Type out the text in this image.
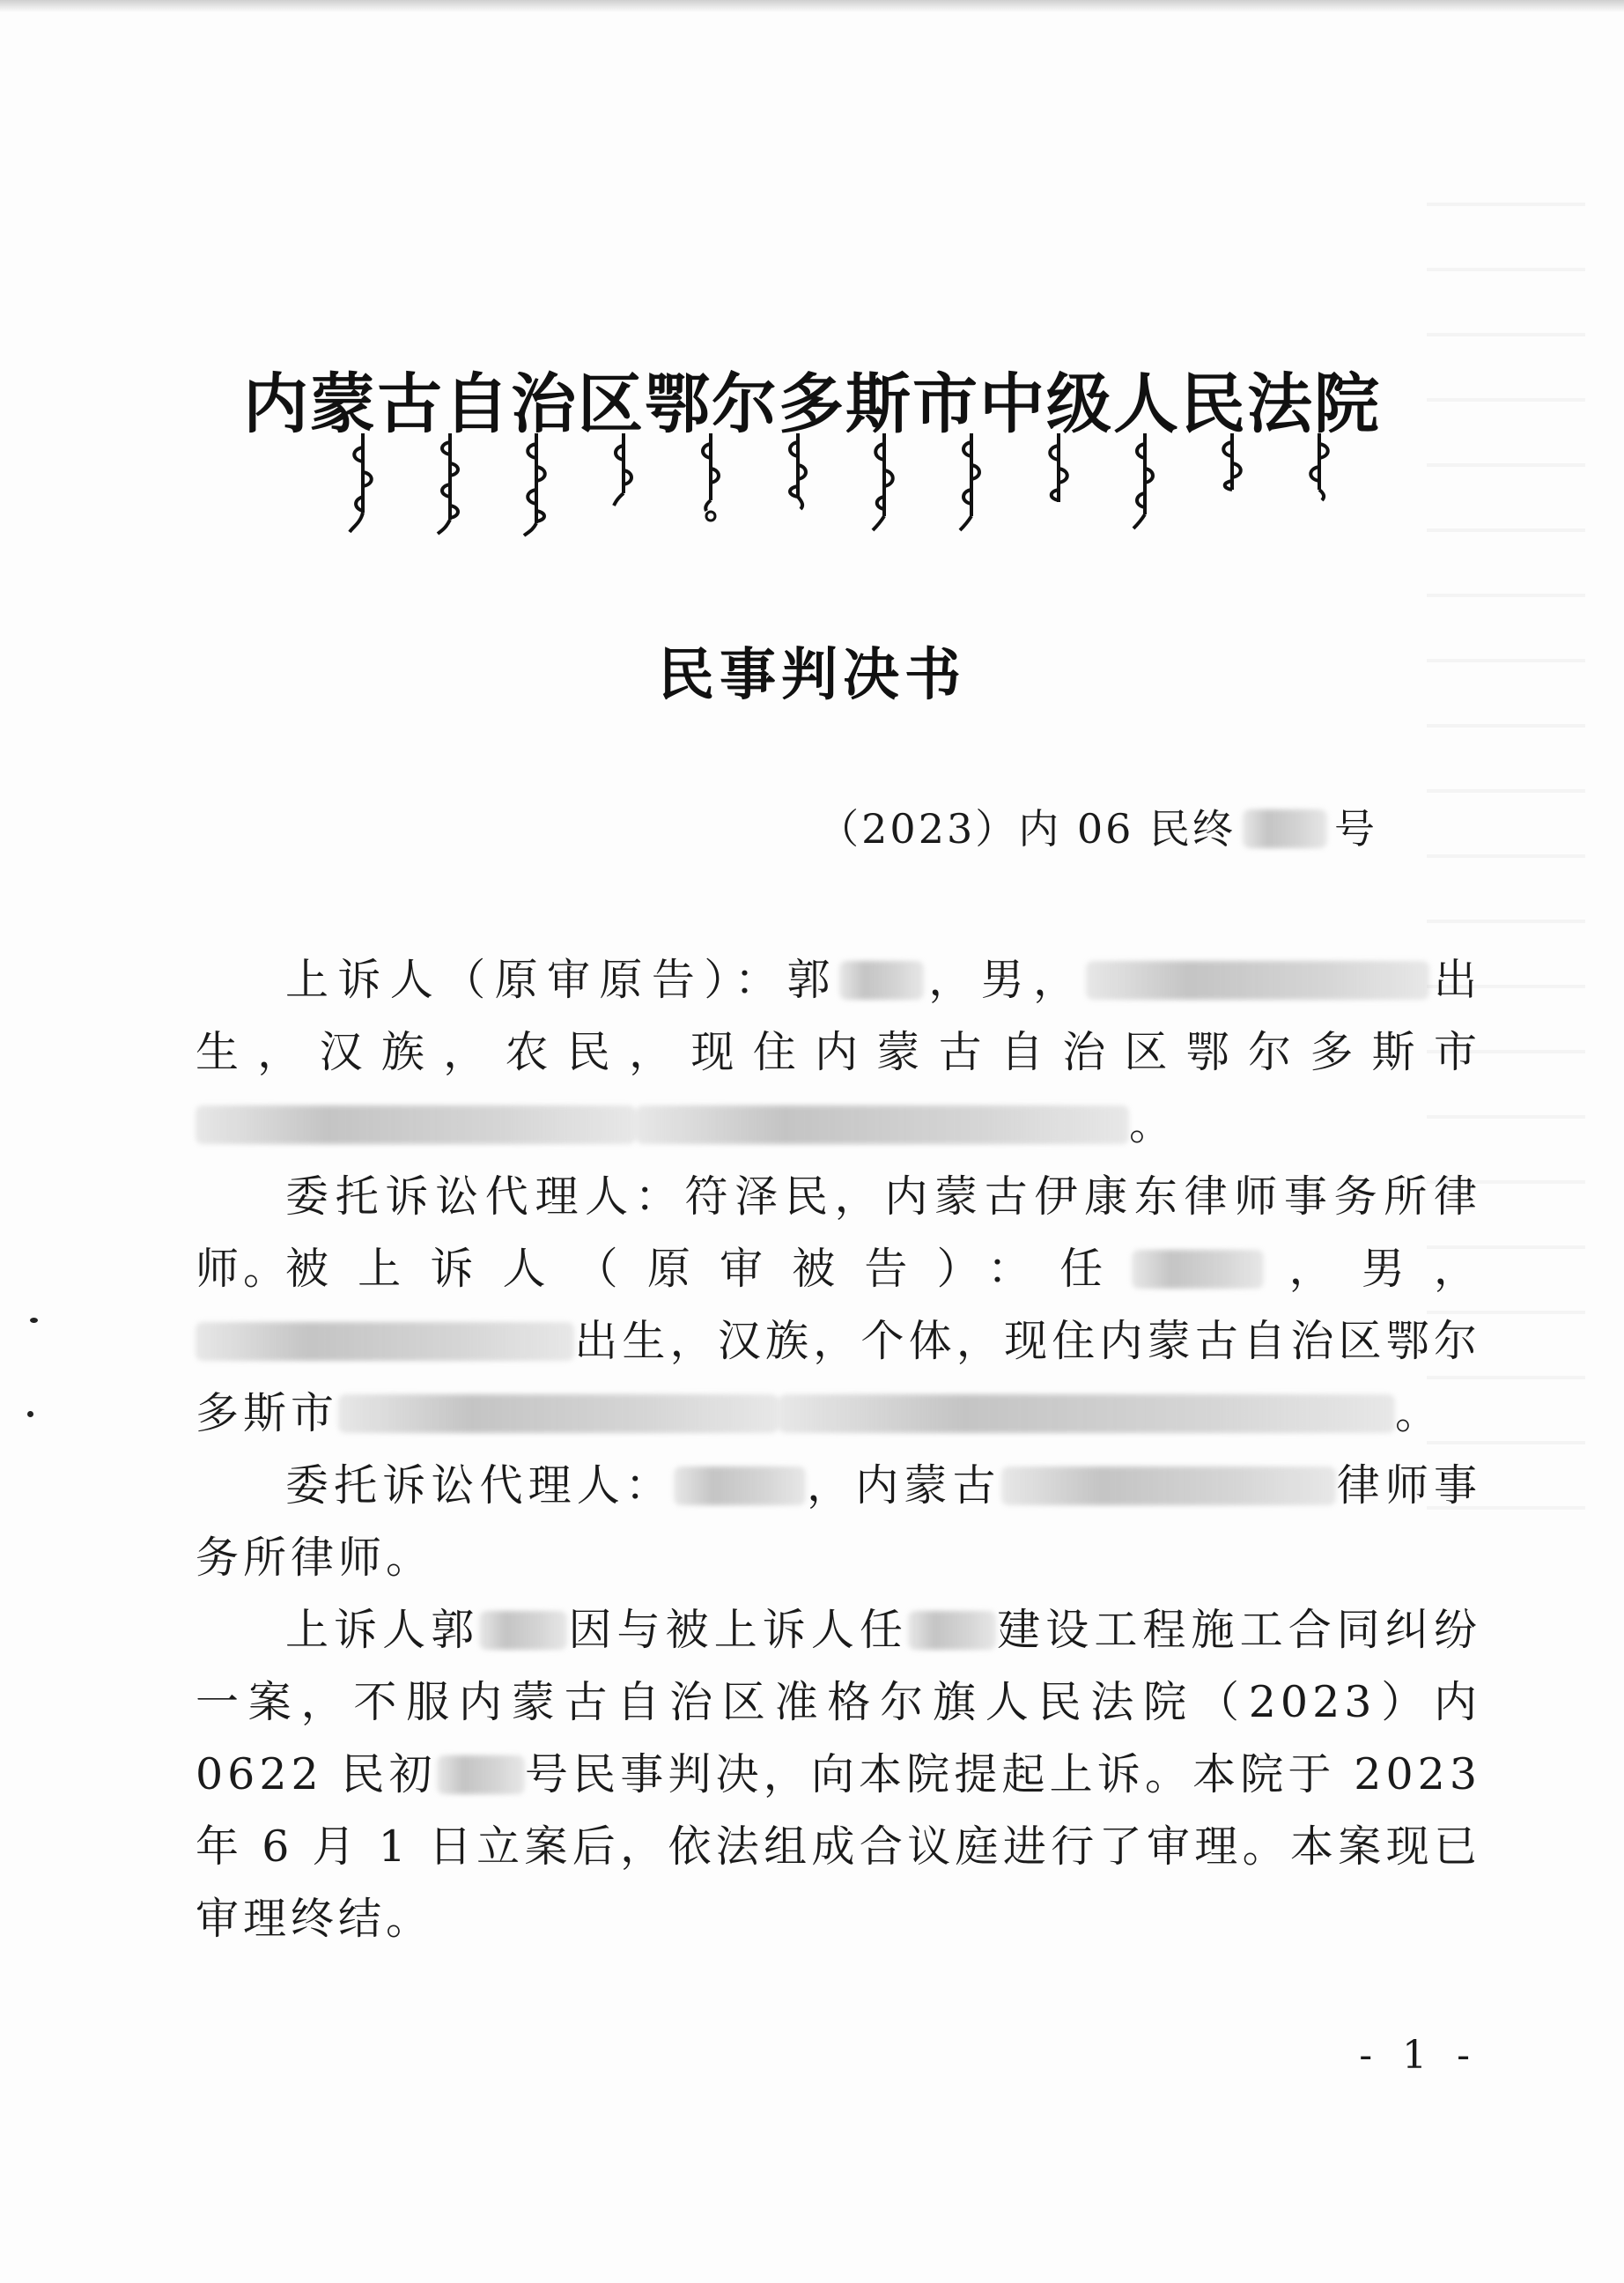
内蒙古自治区鄂尔多斯市中级人民法院
民事判决书
（2023）内 06 民终 号

上诉人（原审原告）：郭 ，男，	出生，汉族，农民，现住内蒙古自治区鄂尔多斯市。

委托诉讼代理人：符泽民，内蒙古伊康东律师事务所律师。

被上诉人（原审被告）：任	，男，出生，汉族，个体，现住内蒙古自治区鄂尔多斯市	。

委托诉讼代理人：	，内蒙古	律师事务所律师。

上诉人郭 因与被上诉人任 建设工程施工合同纠纷一案，不服内蒙古自治区准格尔旗人民法院（2023）内 0622 民初 号民事判决，向本院提起上诉。本院于 2023 年 6 月 1 日立案后，依法组成合议庭进行了审理。本案现已审理终结。

- 1 -
